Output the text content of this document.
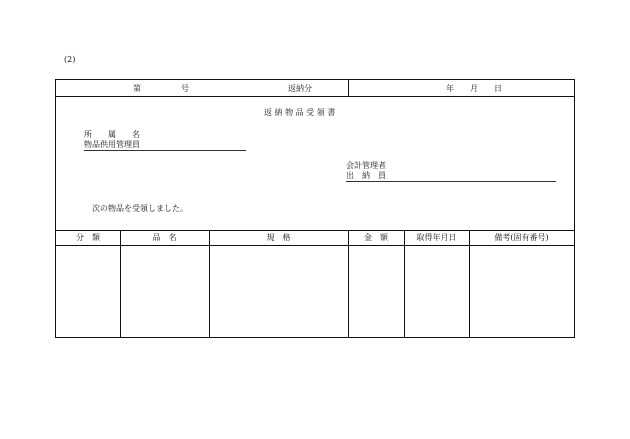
(2)
第　　　　　号	返納分	年　　月　　日
返 納 物 品 受 領 書
所　　属　　名
物品供用管理員
会計管理者
出　納　員
次の物品を受領しました。
分　類	品　名	規　格	金　額	取得年月日	備考(固有番号)
